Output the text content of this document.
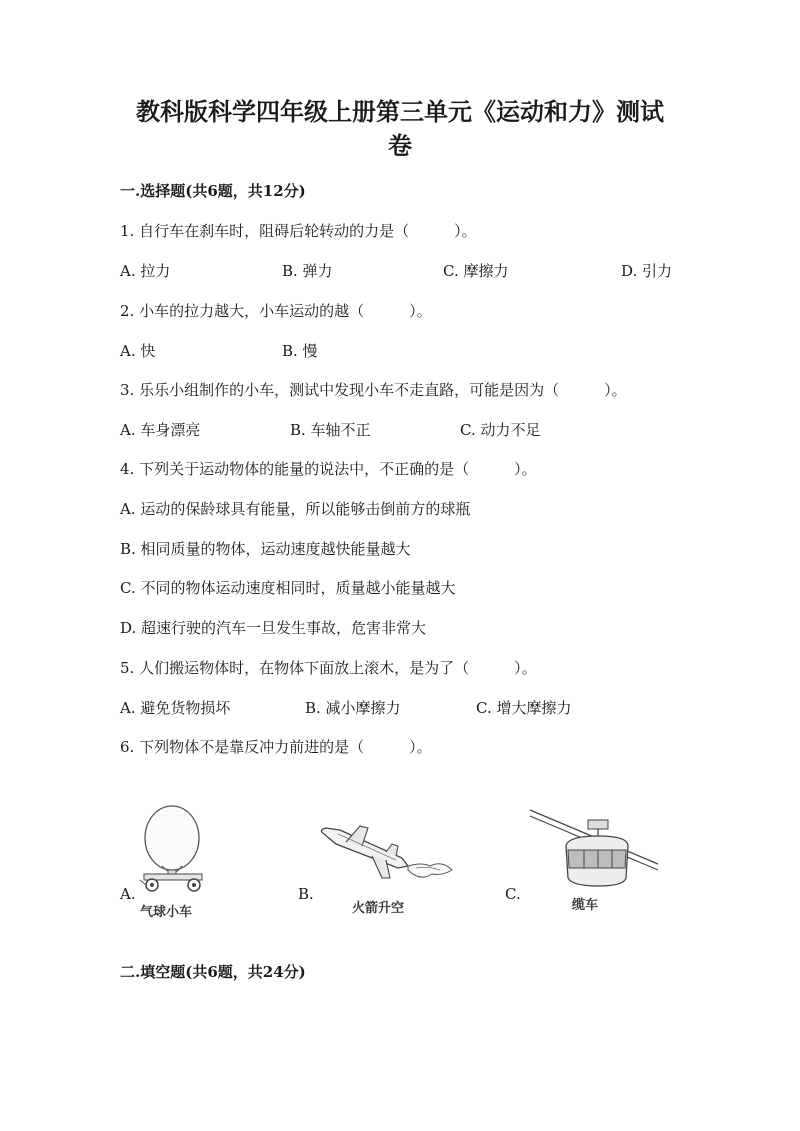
教科版科学四年级上册第三单元《运动和力》测试
卷
一.选择题(共6题，共12分)
1. 自行车在刹车时，阻碍后轮转动的力是（　　　）。
A. 拉力	B. 弹力	C. 摩擦力	D. 引力
2. 小车的拉力越大，小车运动的越（　　　）。
A. 快	B. 慢
3. 乐乐小组制作的小车，测试中发现小车不走直路，可能是因为（　　　）。
A. 车身漂亮	B. 车轴不正	C. 动力不足
4. 下列关于运动物体的能量的说法中，不正确的是（　　　）。
A. 运动的保龄球具有能量，所以能够击倒前方的球瓶
B. 相同质量的物体，运动速度越快能量越大
C. 不同的物体运动速度相同时，质量越小能量越大
D. 超速行驶的汽车一旦发生事故，危害非常大
5. 人们搬运物体时，在物体下面放上滚木，是为了（　　　）。
A. 避免货物损坏	B. 减小摩擦力	C. 增大摩擦力
6. 下列物体不是靠反冲力前进的是（　　　）。
A.	B.	C.
气球小车	火箭升空	缆车
二.填空题(共6题，共24分)
